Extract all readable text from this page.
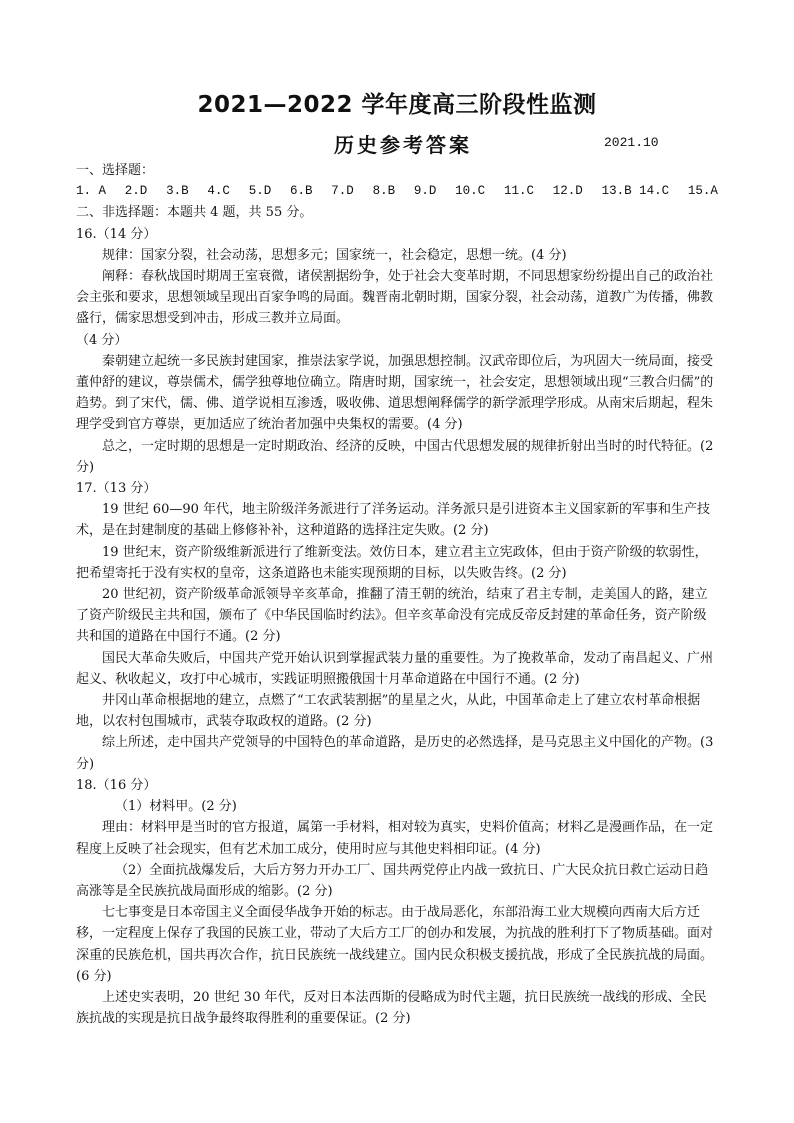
2021—2022 学年度高三阶段性监测
历史参考答案	2021.10

一、选择题：

1. A 2.D 3.B 4.C 5.D 6.B 7.D 8.B 9.D 10.C 11.C 12.D 13.B 14.C 15.A

二、非选择题：本题共 4 题，共 55 分。

16.（14 分）

规律：国家分裂，社会动荡，思想多元；国家统一，社会稳定，思想一统。(4 分)

阐释：春秋战国时期周王室衰微，诸侯割据纷争，处于社会大变革时期，不同思想家纷纷提出自己的政治社会主张和要求，思想领域呈现出百家争鸣的局面。魏晋南北朝时期，国家分裂，社会动荡，道教广为传播，佛教盛行，儒家思想受到冲击，形成三教并立局面。

（4 分）

秦朝建立起统一多民族封建国家，推崇法家学说，加强思想控制。汉武帝即位后，为巩固大一统局面，接受董仲舒的建议，尊崇儒术，儒学独尊地位确立。隋唐时期，国家统一，社会安定，思想领域出现“三教合归儒”的趋势。到了宋代，儒、佛、道学说相互渗透，吸收佛、道思想阐释儒学的新学派理学形成。从南宋后期起，程朱理学受到官方尊崇，更加适应了统治者加强中央集权的需要。(4 分)

总之，一定时期的思想是一定时期政治、经济的反映，中国古代思想发展的规律折射出当时的时代特征。(2 分)

17.（13 分）

19 世纪 60—90 年代，地主阶级洋务派进行了洋务运动。洋务派只是引进资本主义国家新的军事和生产技术，是在封建制度的基础上修修补补，这种道路的选择注定失败。(2 分)

19 世纪末，资产阶级维新派进行了维新变法。效仿日本，建立君主立宪政体，但由于资产阶级的软弱性，把希望寄托于没有实权的皇帝，这条道路也未能实现预期的目标，以失败告终。(2 分)

20 世纪初，资产阶级革命派领导辛亥革命，推翻了清王朝的统治，结束了君主专制，走美国人的路，建立了资产阶级民主共和国，颁布了《中华民国临时约法》。但辛亥革命没有完成反帝反封建的革命任务，资产阶级共和国的道路在中国行不通。(2 分)

国民大革命失败后，中国共产党开始认识到掌握武装力量的重要性。为了挽救革命，发动了南昌起义、广州起义、秋收起义，攻打中心城市，实践证明照搬俄国十月革命道路在中国行不通。(2 分)

井冈山革命根据地的建立，点燃了“工农武装割据”的星星之火，从此，中国革命走上了建立农村革命根据地，以农村包围城市，武装夺取政权的道路。(2 分)

综上所述，走中国共产党领导的中国特色的革命道路，是历史的必然选择，是马克思主义中国化的产物。(3 分)

18.（16 分）

（1）材料甲。(2 分)

理由：材料甲是当时的官方报道，属第一手材料，相对较为真实，史料价值高；材料乙是漫画作品，在一定程度上反映了社会现实，但有艺术加工成分，使用时应与其他史料相印证。(4 分)

（2）全面抗战爆发后，大后方努力开办工厂、国共两党停止内战一致抗日、广大民众抗日救亡运动日趋高涨等是全民族抗战局面形成的缩影。(2 分)

七七事变是日本帝国主义全面侵华战争开始的标志。由于战局恶化，东部沿海工业大规模向西南大后方迁移，一定程度上保存了我国的民族工业，带动了大后方工厂的创办和发展，为抗战的胜利打下了物质基础。面对深重的民族危机，国共再次合作，抗日民族统一战线建立。国内民众积极支援抗战，形成了全民族抗战的局面。(6 分)

上述史实表明，20 世纪 30 年代，反对日本法西斯的侵略成为时代主题，抗日民族统一战线的形成、全民族抗战的实现是抗日战争最终取得胜利的重要保证。(2 分)
